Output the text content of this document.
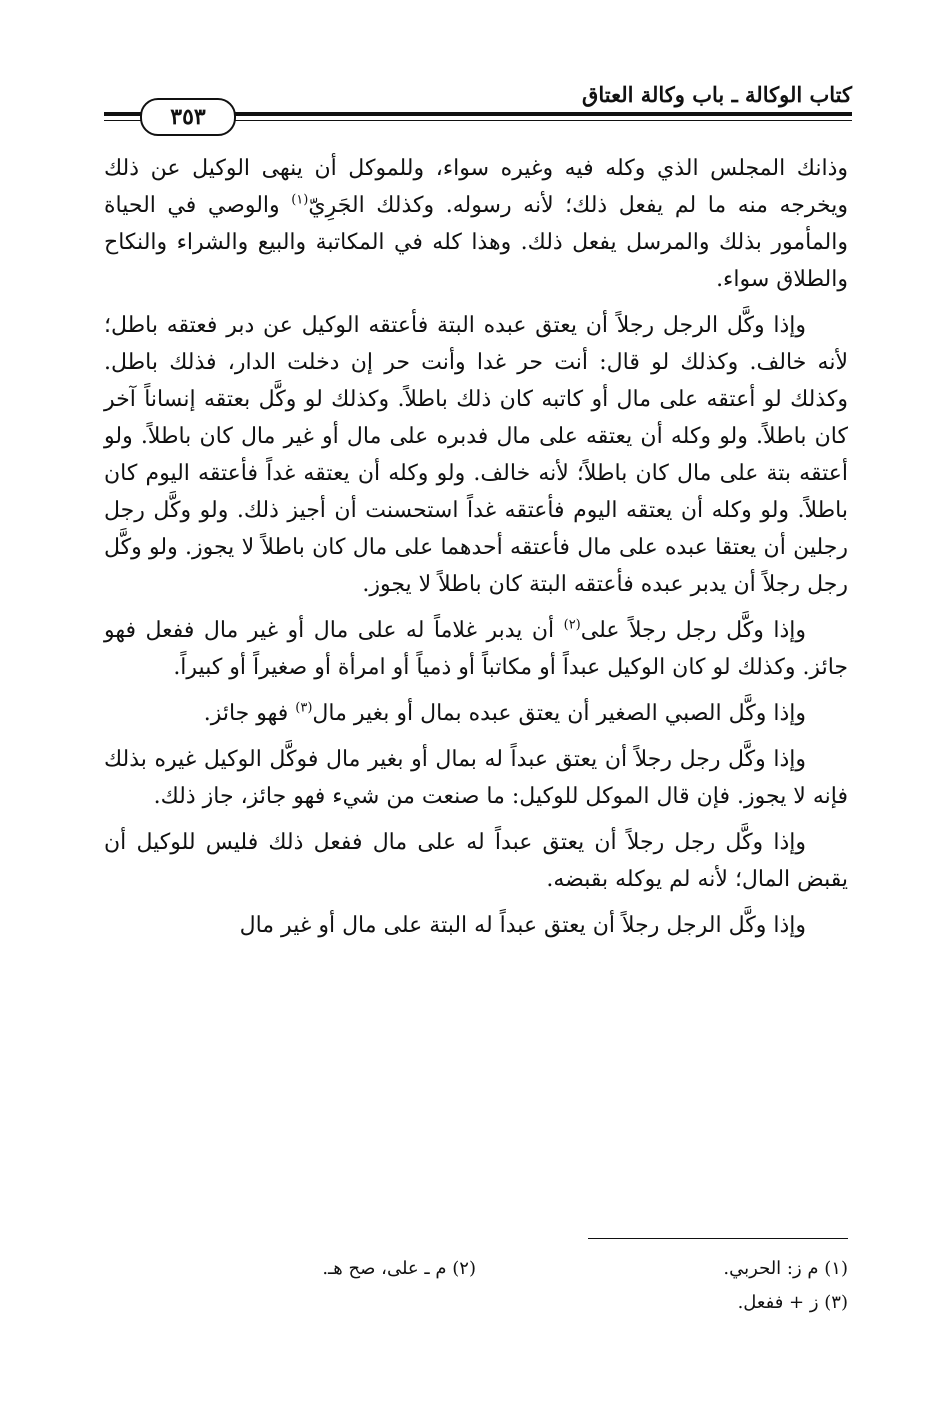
كتاب الوكالة ـ باب وكالة العتاق
٣٥٣

وذانك المجلس الذي وكله فيه وغيره سواء، وللموكل أن ينهى الوكيل عن ذلك ويخرجه منه ما لم يفعل ذلك؛ لأنه رسوله. وكذلك الجَرِيّ$^{(١)}$ والوصي في الحياة والمأمور بذلك والمرسل يفعل ذلك. وهذا كله في المكاتبة والبيع والشراء والنكاح والطلاق سواء.

وإذا وكَّل الرجل رجلاً أن يعتق عبده البتة فأعتقه الوكيل عن دبر فعتقه باطل؛ لأنه خالف. وكذلك لو قال: أنت حر غدا وأنت حر إن دخلت الدار، فذلك باطل. وكذلك لو أعتقه على مال أو كاتبه كان ذلك باطلاً. وكذلك لو وكَّل بعتقه إنساناً آخر كان باطلاً. ولو وكله أن يعتقه على مال فدبره على مال أو غير مال كان باطلاً. ولو أعتقه بتة على مال كان باطلاً؛ لأنه خالف. ولو وكله أن يعتقه غداً فأعتقه اليوم كان باطلاً. ولو وكله أن يعتقه اليوم فأعتقه غداً استحسنت أن أجيز ذلك. ولو وكَّل رجل رجلين أن يعتقا عبده على مال فأعتقه أحدهما على مال كان باطلاً لا يجوز. ولو وكَّل رجل رجلاً أن يدبر عبده فأعتقه البتة كان باطلاً لا يجوز.

وإذا وكَّل رجل رجلاً على$^{(٢)}$ أن يدبر غلاماً له على مال أو غير مال ففعل فهو جائز. وكذلك لو كان الوكيل عبداً أو مكاتباً أو ذمياً أو امرأة أو صغيراً أو كبيراً.

وإذا وكَّل الصبي الصغير أن يعتق عبده بمال أو بغير مال$^{(٣)}$ فهو جائز.

وإذا وكَّل رجل رجلاً أن يعتق عبداً له بمال أو بغير مال فوكَّل الوكيل غيره بذلك فإنه لا يجوز. فإن قال الموكل للوكيل: ما صنعت من شيء فهو جائز، جاز ذلك.

وإذا وكَّل رجل رجلاً أن يعتق عبداً له على مال ففعل ذلك فليس للوكيل أن يقبض المال؛ لأنه لم يوكله بقبضه.

وإذا وكَّل الرجل رجلاً أن يعتق عبداً له البتة على مال أو غير مال

(١) م ز: الحربي.
(٢) م ـ على، صح هـ.
(٣) ز + ففعل.
